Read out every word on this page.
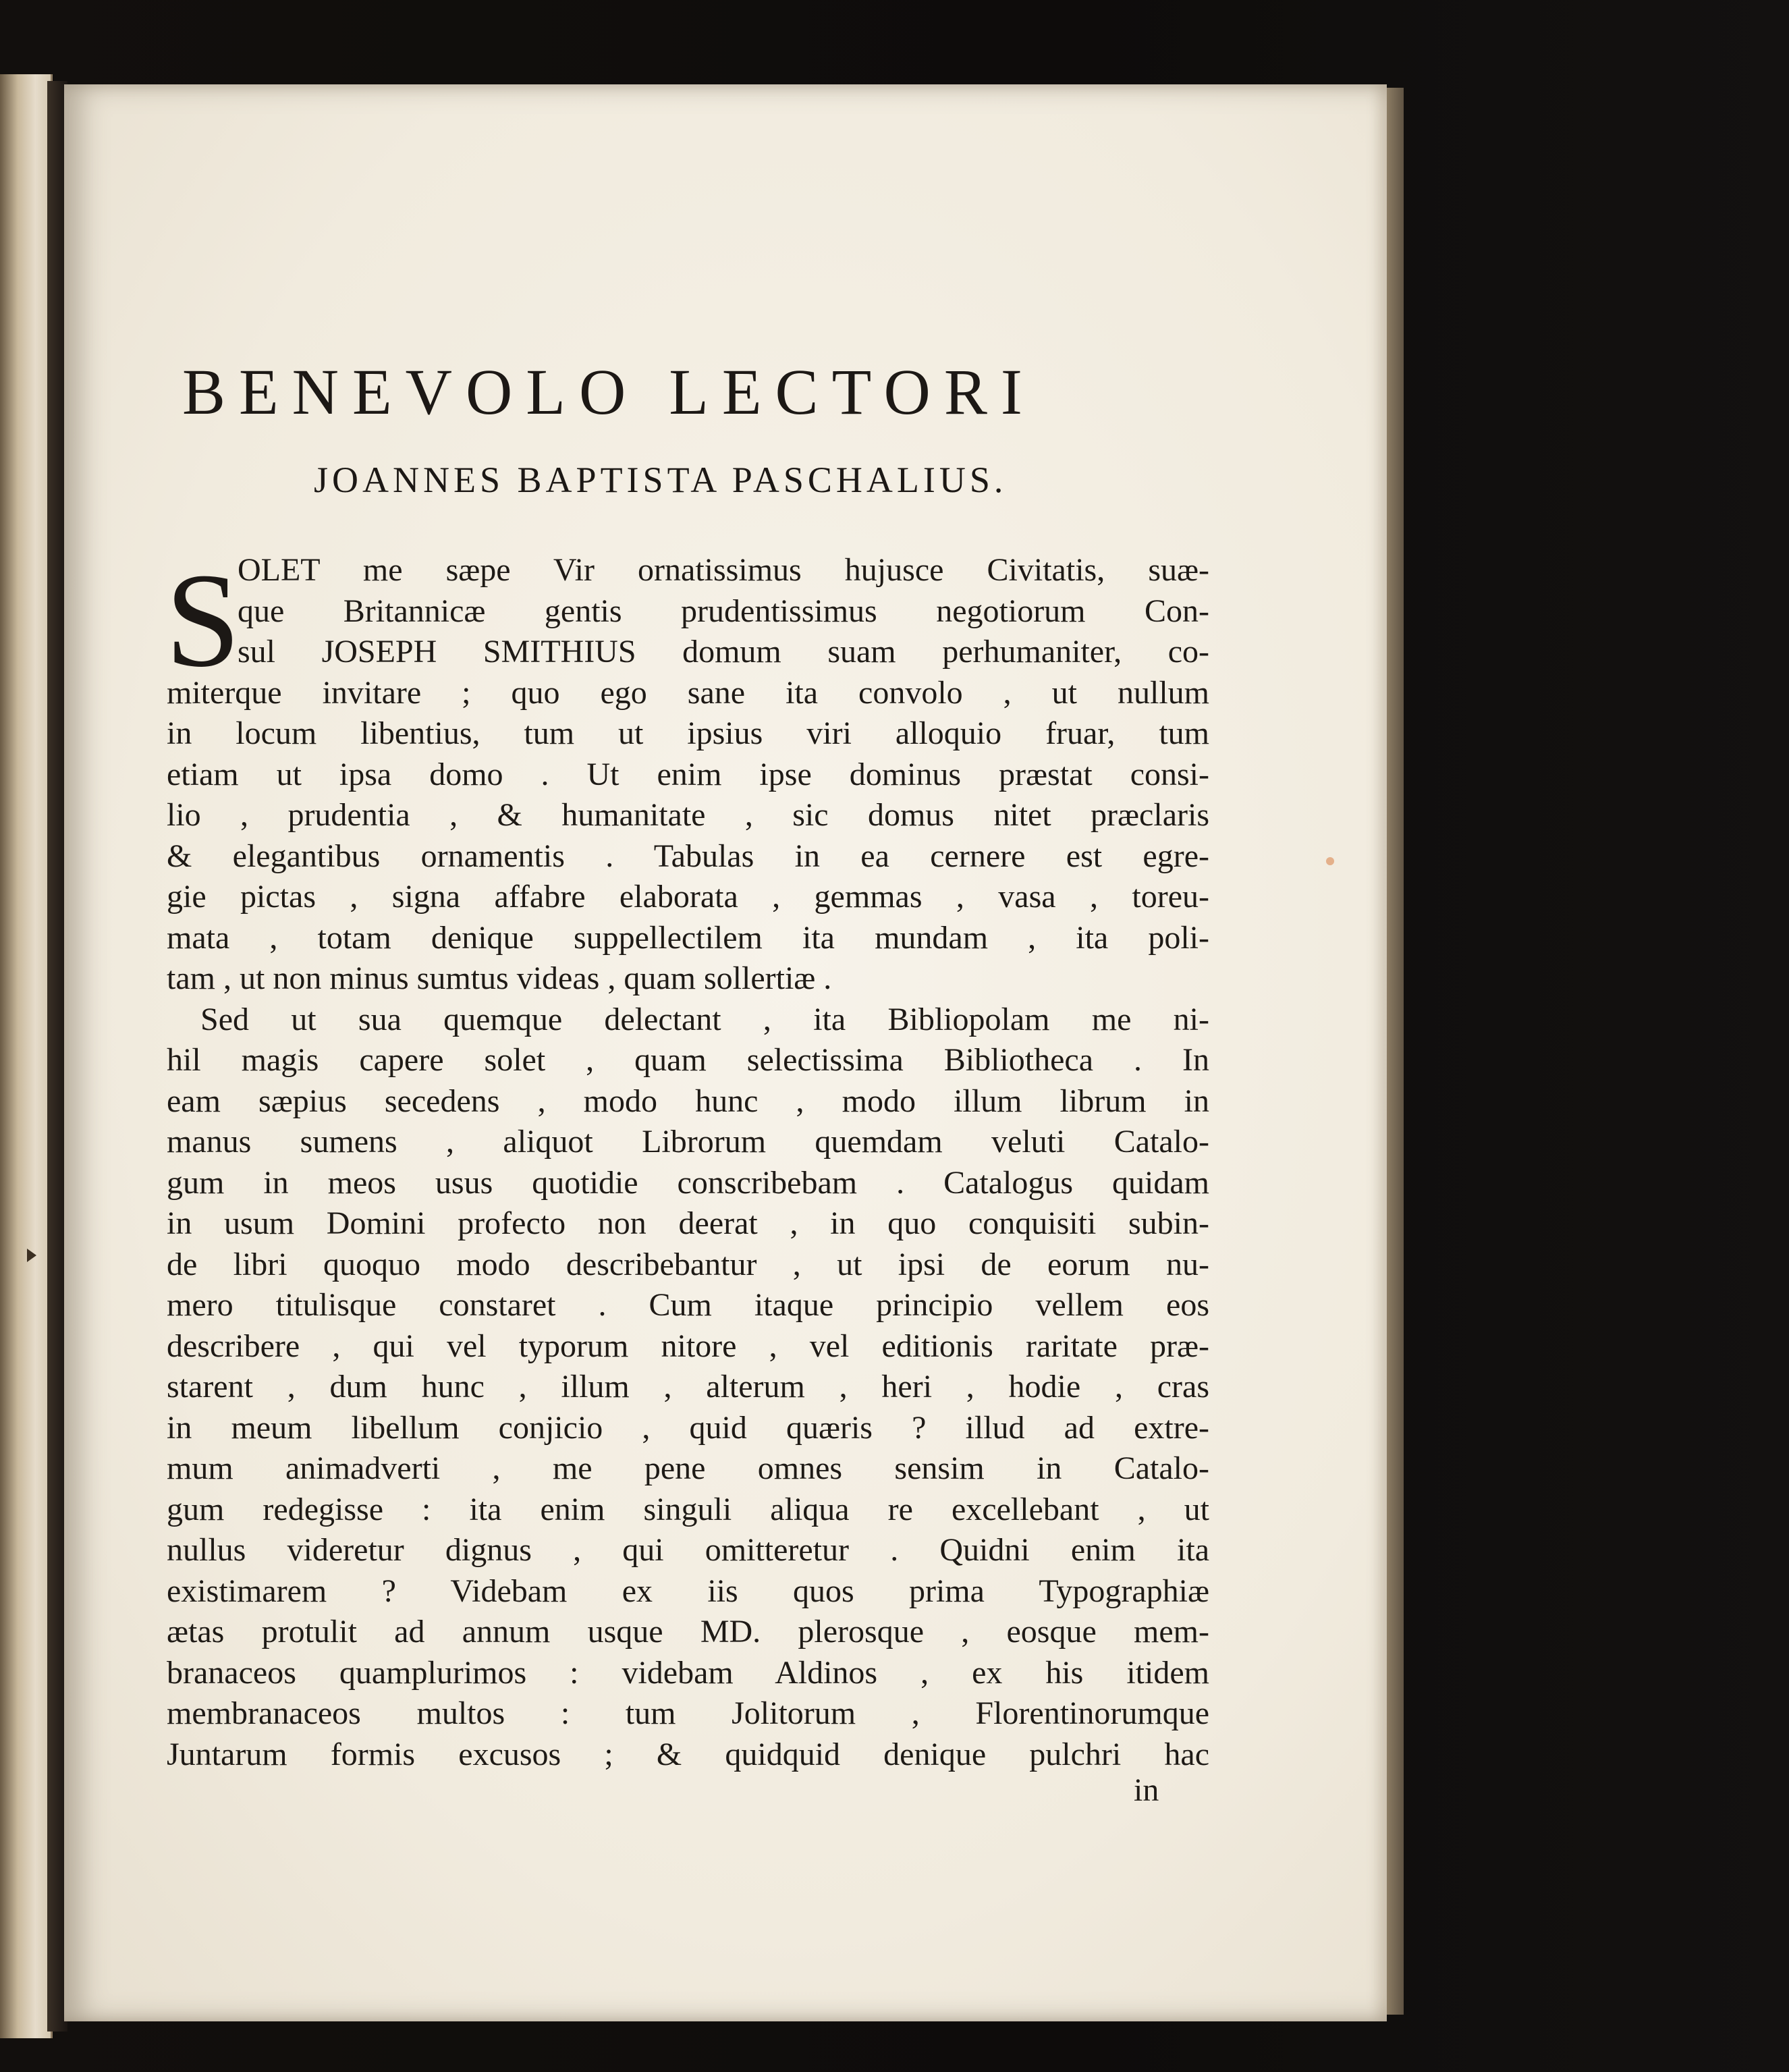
BENEVOLO LECTORI
JOANNES BAPTISTA PASCHALIUS.
S
OLET me sæpe Vir ornatissimus hujusce Civitatis, suæ-
que Britannicæ gentis prudentissimus negotiorum Con-
sul JOSEPH SMITHIUS domum suam perhumaniter, co-
miterque invitare ; quo ego sane ita convolo , ut nullum
in locum libentius, tum ut ipsius viri alloquio fruar, tum
etiam ut ipsa domo . Ut enim ipse dominus præstat consi-
lio , prudentia , & humanitate , sic domus nitet præclaris
& elegantibus ornamentis . Tabulas in ea cernere est egre-
gie pictas , signa affabre elaborata , gemmas , vasa , toreu-
mata , totam denique suppellectilem ita mundam , ita poli-
tam , ut non minus sumtus videas , quam sollertiæ .
Sed ut sua quemque delectant , ita Bibliopolam me ni-
hil magis capere solet , quam selectissima Bibliotheca . In
eam sæpius secedens , modo hunc , modo illum librum in
manus sumens , aliquot Librorum quemdam veluti Catalo-
gum in meos usus quotidie conscribebam . Catalogus quidam
in usum Domini profecto non deerat , in quo conquisiti subin-
de libri quoquo modo describebantur , ut ipsi de eorum nu-
mero titulisque constaret . Cum itaque principio vellem eos
describere , qui vel typorum nitore , vel editionis raritate præ-
starent , dum hunc , illum , alterum , heri , hodie , cras
in meum libellum conjicio , quid quæris ? illud ad extre-
mum animadverti , me pene omnes sensim in Catalo-
gum redegisse : ita enim singuli aliqua re excellebant , ut
nullus videretur dignus , qui omitteretur . Quidni enim ita
existimarem ? Videbam ex iis quos prima Typographiæ
ætas protulit ad annum usque MD. plerosque , eosque mem-
branaceos quamplurimos : videbam Aldinos , ex his itidem
membranaceos multos : tum Jolitorum , Florentinorumque
Juntarum formis excusos ; & quidquid denique pulchri hac
in
